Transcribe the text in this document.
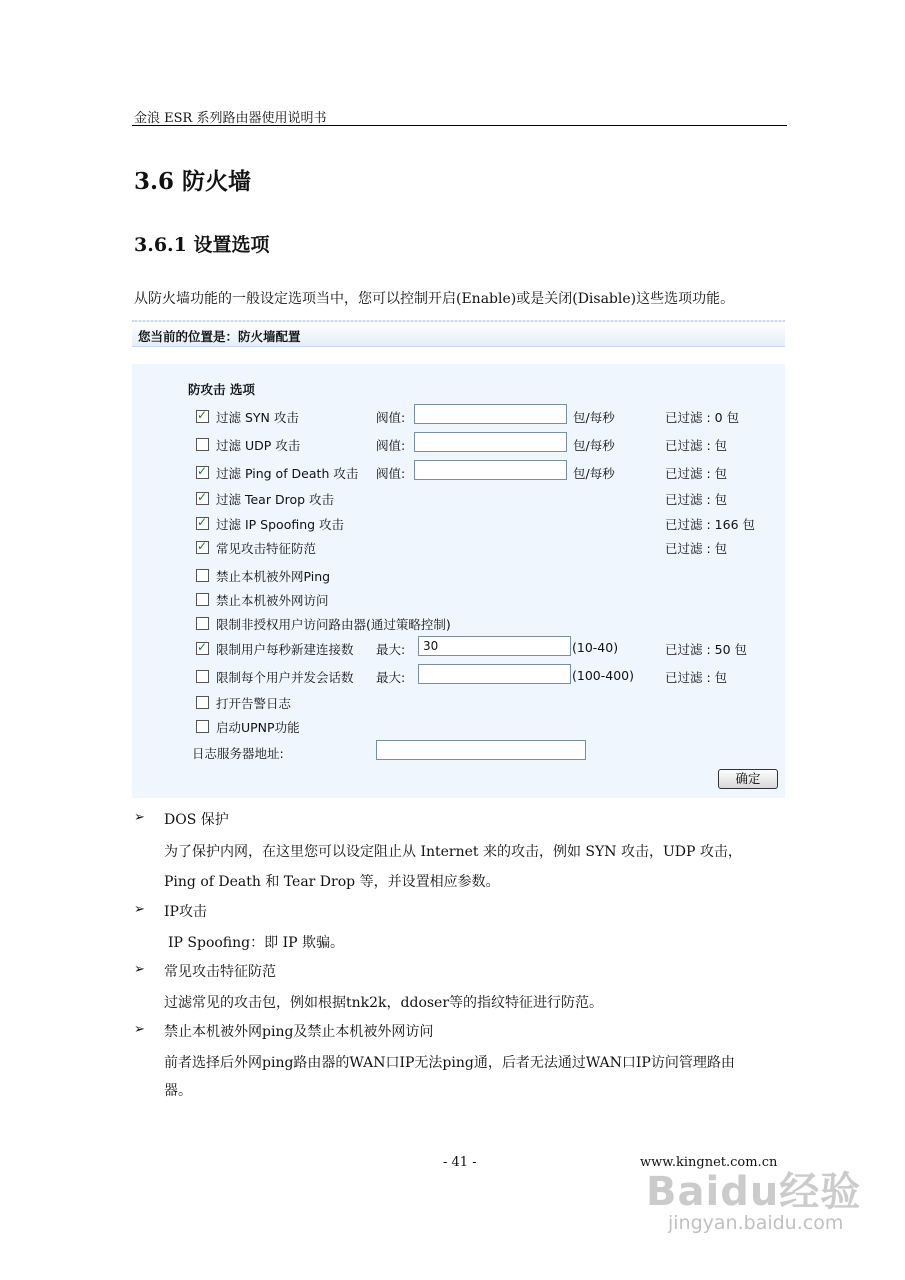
金浪 ESR 系列路由器使用说明书
3.6 防火墙
3.6.1 设置选项
从防火墙功能的一般设定选项当中，您可以控制开启(Enable)或是关闭(Disable)这些选项功能。
您当前的位置是：防火墙配置
防攻击 选项
✓
过滤 SYN 攻击	阀值:	包/每秒	已过滤 : 0 包
过滤 UDP 攻击	阀值:	包/每秒	已过滤 : 包
✓
过滤 Ping of Death 攻击 阀值:	包/每秒	已过滤 : 包
✓
过滤 Tear Drop 攻击	已过滤 : 包
✓
过滤 IP Spoofing 攻击	已过滤 : 166 包
✓
常见攻击特征防范	已过滤 : 包
禁止本机被外网Ping
禁止本机被外网访问
限制非授权用户访问路由器(通过策略控制)
✓
限制用户每秒新建连接数 最大:	30	(10-40)	已过滤 : 50 包
限制每个用户并发会话数 最大:	(100-400) 已过滤 : 包
打开告警日志
启动UPNP功能
日志服务器地址:
确定
➢ DOS 保护
为了保护内网，在这里您可以设定阻止从 Internet 来的攻击，例如 SYN 攻击，UDP 攻击，
Ping of Death 和 Tear Drop 等，并设置相应参数。
➢ IP攻击
IP Spoofing：即 IP 欺骗。
➢ 常见攻击特征防范
过滤常见的攻击包，例如根据tnk2k，ddoser等的指纹特征进行防范。
➢ 禁止本机被外网ping及禁止本机被外网访问
前者选择后外网ping路由器的WAN口IP无法ping通，后者无法通过WAN口IP访问管理路由
器。
- 41 -	www.kingnet.com.cn
Baidu经验
jingyan.baidu.com
